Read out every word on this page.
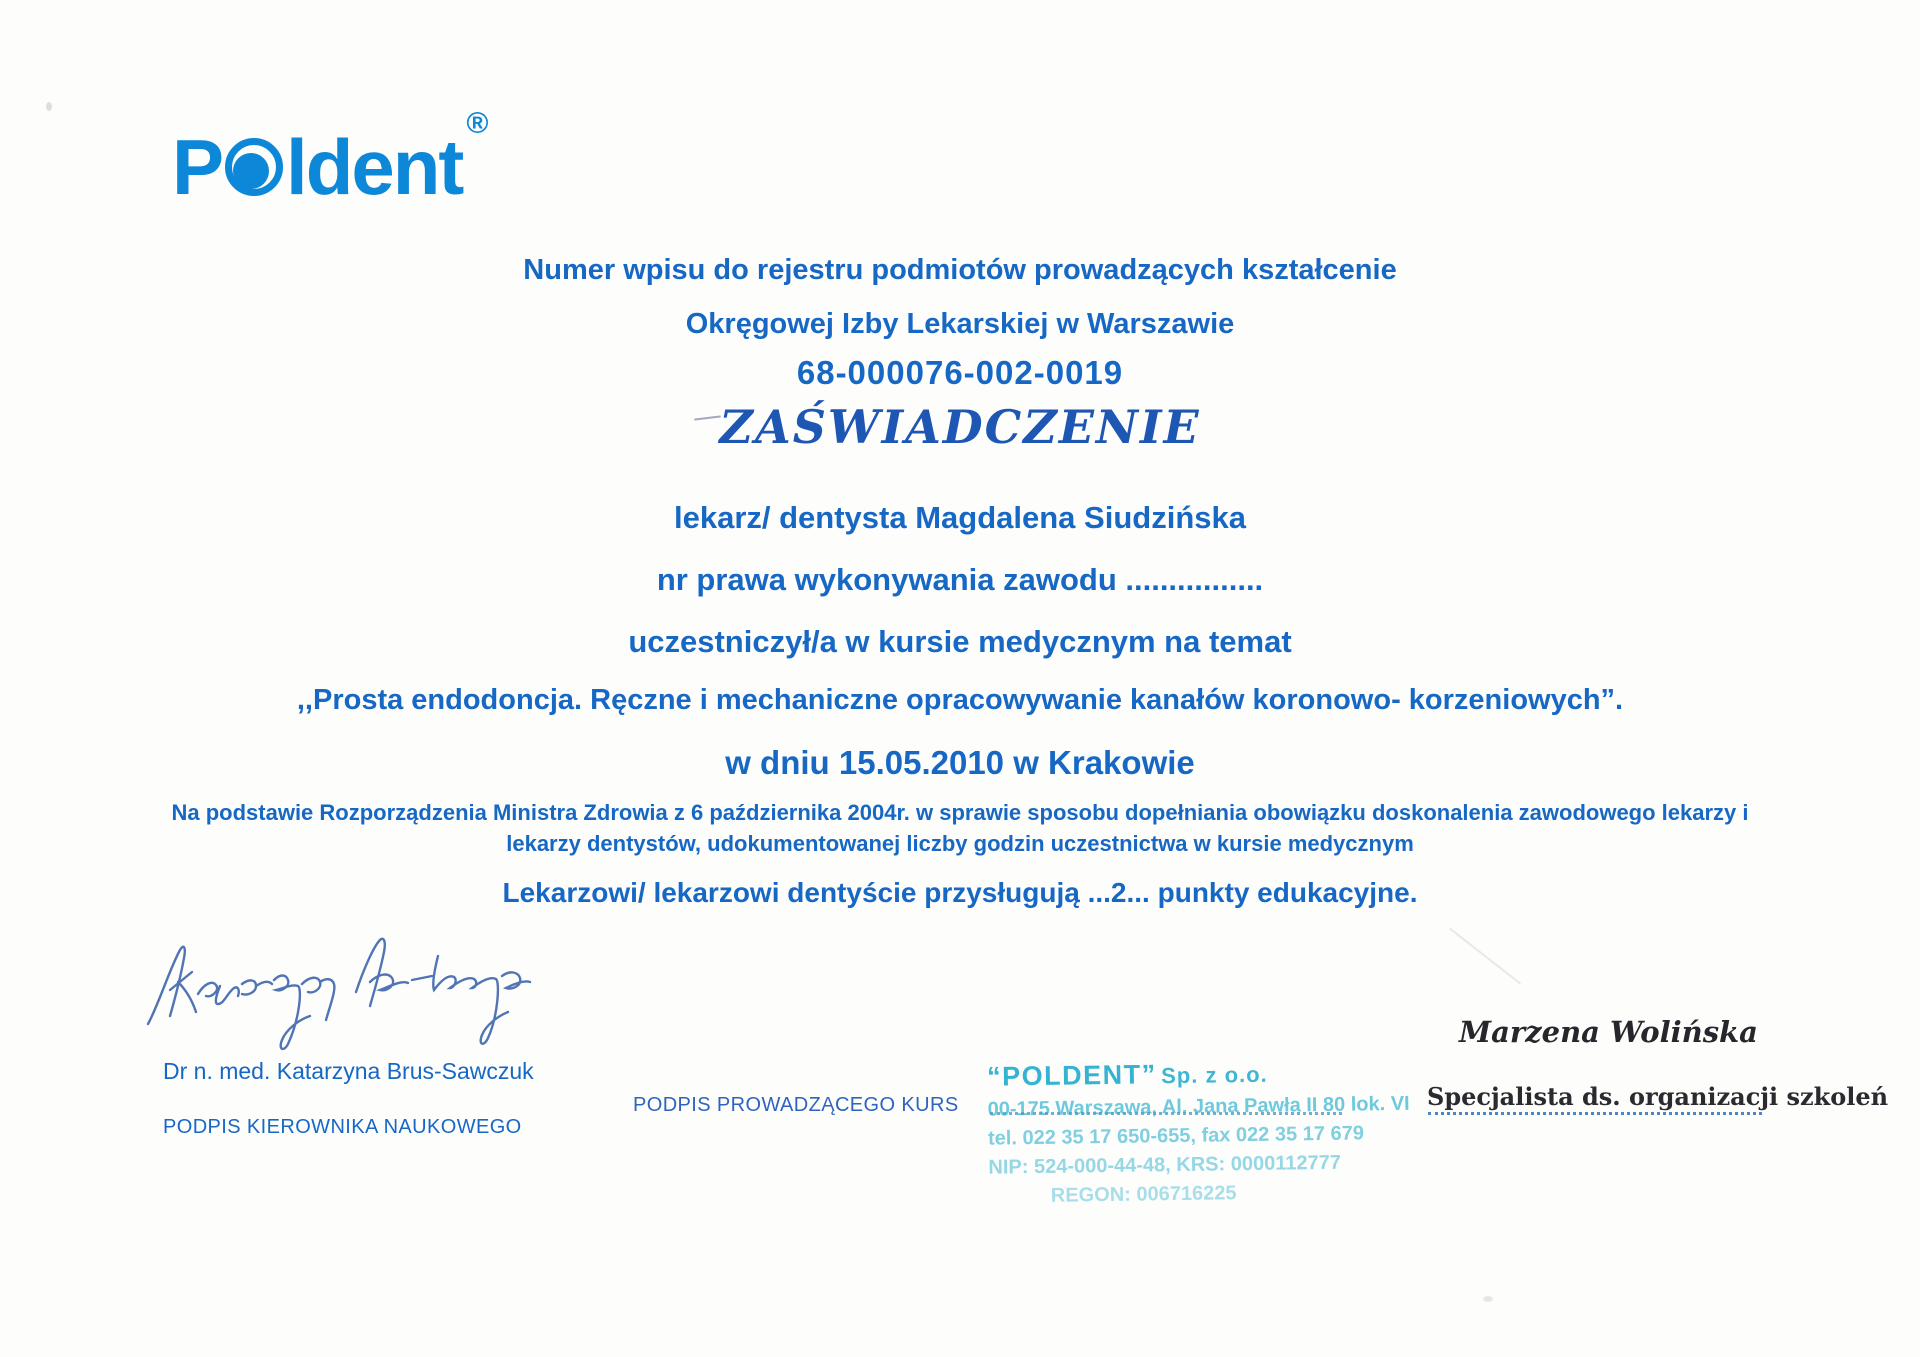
P ldent ®
Numer wpisu do rejestru podmiotów prowadzących kształcenie
Okręgowej Izby Lekarskiej w Warszawie
68-000076-002-0019
ZAŚWIADCZENIE
lekarz/ dentysta Magdalena Siudzińska
nr prawa wykonywania zawodu ................
uczestniczył/a w kursie medycznym na temat
,,Prosta endodoncja. Ręczne i mechaniczne opracowywanie kanałów koronowo- korzeniowych”.
w dniu 15.05.2010 w Krakowie
Na podstawie Rozporządzenia Ministra Zdrowia z 6 października 2004r. w sprawie sposobu dopełniania obowiązku doskonalenia zawodowego lekarzy i
lekarzy dentystów, udokumentowanej liczby godzin uczestnictwa w kursie medycznym
Lekarzowi/ lekarzowi dentyście przysługują ...2... punkty edukacyjne.
Dr n. med. Katarzyna Brus-Sawczuk
PODPIS KIEROWNIKA NAUKOWEGO
PODPIS PROWADZĄCEGO KURS
“POLDENT” Sp. z o.o.
00-175 Warszawa, Al. Jana Pawła II 80 lok. VI
tel. 022 35 17 650-655, fax 022 35 17 679
NIP: 524-000-44-48, KRS: 0000112777
REGON: 006716225
Marzena Wolińska
Specjalista ds. organizacji szkoleń
